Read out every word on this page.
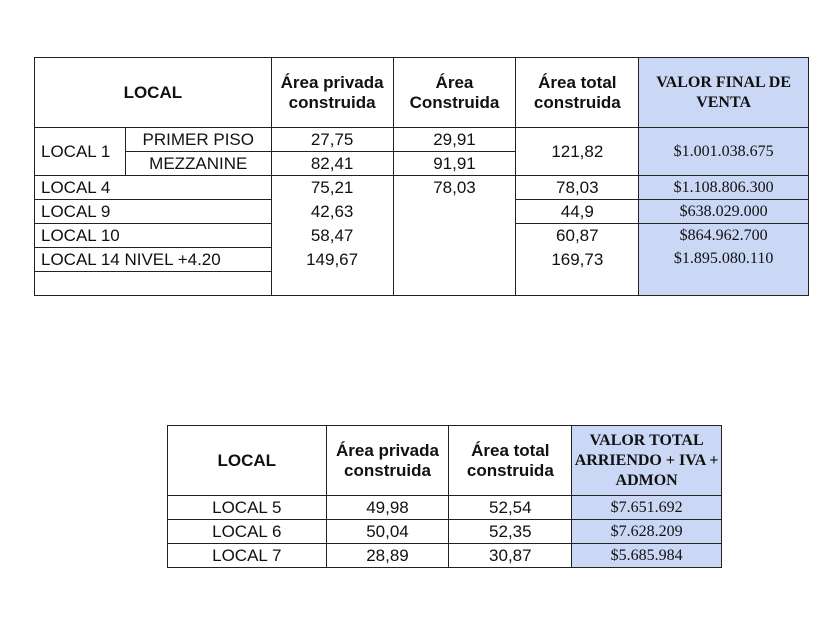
LOCAL		Área privada construida	Área Construida	Área total construida	VALOR FINAL DE VENTA
LOCAL 1	PRIMER PISO	27,75	29,91	121,82	$1.001.038.675
	MEZZANINE	82,41	91,91		
LOCAL 4		75,21	78,03	78,03	$1.108.806.300
LOCAL 9		42,63		44,9	$638.029.000
LOCAL 10		58,47		60,87	$864.962.700
LOCAL 14 NIVEL +4.20		149,67		169,73	$1.895.080.110

LOCAL	Área privada construida	Área total construida	VALOR TOTAL ARRIENDO + IVA + ADMON
LOCAL 5	49,98	52,54	$7.651.692
LOCAL 6	50,04	52,35	$7.628.209
LOCAL 7	28,89	30,87	$5.685.984
